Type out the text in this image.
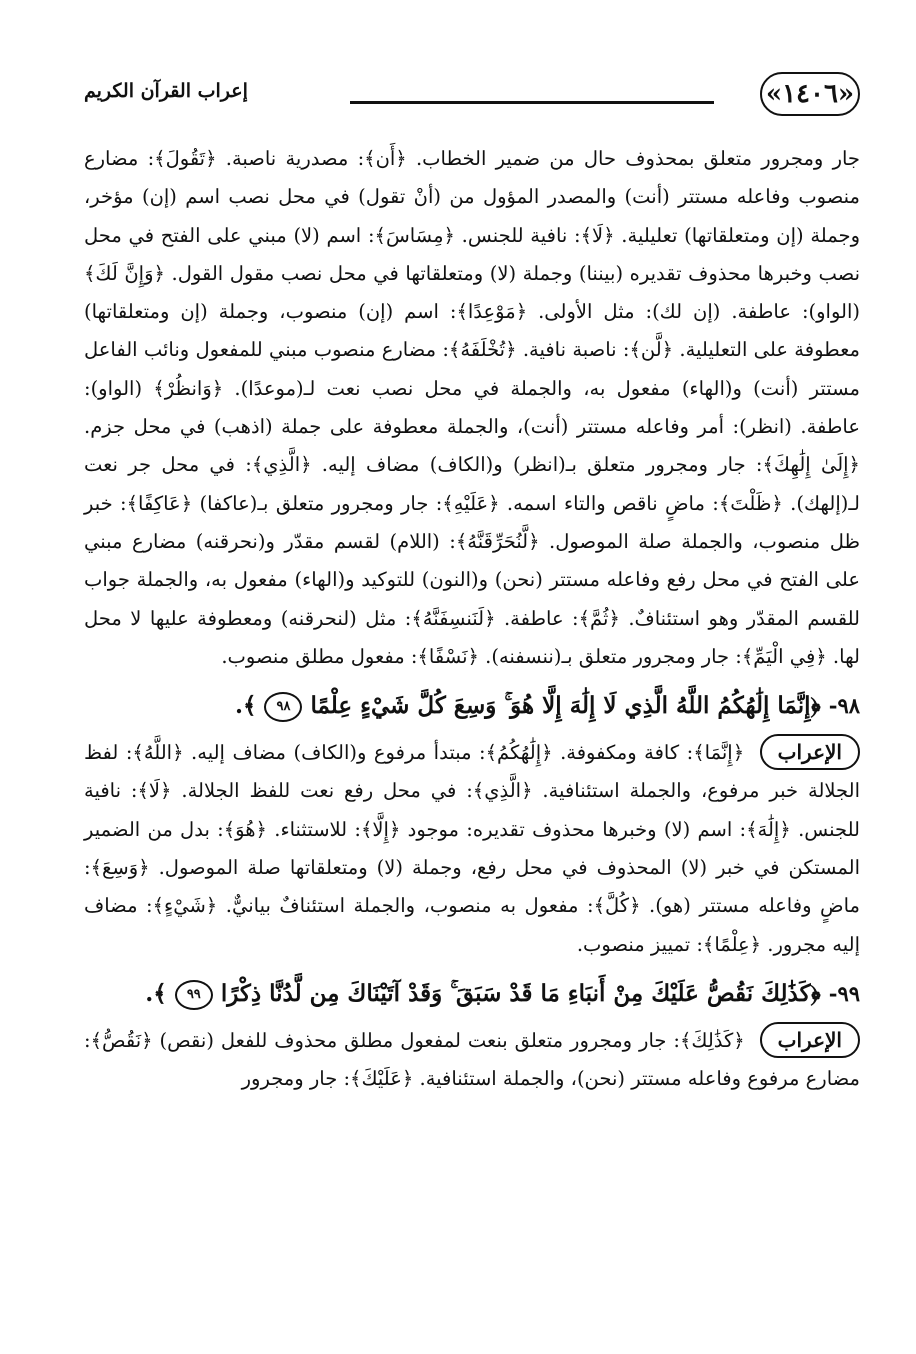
«١٤٠٦»
إعراب القرآن الكريم

جار ومجرور متعلق بمحذوف حال من ضمير الخطاب. ﴿أَن﴾: مصدرية ناصبة. ﴿تَقُولَ﴾: مضارع منصوب وفاعله مستتر (أنت) والمصدر المؤول من (أنْ تقول) في محل نصب اسم (إن) مؤخر، وجملة (إن ومتعلقاتها) تعليلية. ﴿لَا﴾: نافية للجنس. ﴿مِسَاسَ﴾: اسم (لا) مبني على الفتح في محل نصب وخبرها محذوف تقديره (بيننا) وجملة (لا) ومتعلقاتها في محل نصب مقول القول. ﴿وَإِنَّ لَكَ﴾ (الواو): عاطفة. (إن لك): مثل الأولى. ﴿مَوْعِدًا﴾: اسم (إن) منصوب، وجملة (إن ومتعلقاتها) معطوفة على التعليلية. ﴿لَّن﴾: ناصبة نافية. ﴿تُخْلَفَهُ﴾: مضارع منصوب مبني للمفعول ونائب الفاعل مستتر (أنت) و(الهاء) مفعول به، والجملة في محل نصب نعت لـ(موعدًا). ﴿وَانظُرْ﴾ (الواو): عاطفة. (انظر): أمر وفاعله مستتر (أنت)، والجملة معطوفة على جملة (اذهب) في محل جزم. ﴿إِلَىٰ إِلَٰهِكَ﴾: جار ومجرور متعلق بـ(انظر) و(الكاف) مضاف إليه. ﴿الَّذِي﴾: في محل جر نعت لـ(إلهك). ﴿ظَلْتَ﴾: ماضٍ ناقص والتاء اسمه. ﴿عَلَيْهِ﴾: جار ومجرور متعلق بـ(عاكفا) ﴿عَاكِفًا﴾: خبر ظل منصوب، والجملة صلة الموصول. ﴿لَّنُحَرِّقَنَّهُ﴾: (اللام) لقسم مقدّر و(نحرقنه) مضارع مبني على الفتح في محل رفع وفاعله مستتر (نحن) و(النون) للتوكيد و(الهاء) مفعول به، والجملة جواب للقسم المقدّر وهو استئنافٌ. ﴿ثُمَّ﴾: عاطفة. ﴿لَنَنسِفَنَّهُ﴾: مثل (لنحرقنه) ومعطوفة عليها لا محل لها. ﴿فِي الْيَمِّ﴾: جار ومجرور متعلق بـ(ننسفنه). ﴿نَسْفًا﴾: مفعول مطلق منصوب.

٩٨- ﴿إِنَّمَا إِلَٰهُكُمُ اللَّهُ الَّذِي لَا إِلَٰهَ إِلَّا هُوَ ۚ وَسِعَ كُلَّ شَيْءٍ عِلْمًا ٩٨ ﴾.

الإعراب ﴿إِنَّمَا﴾: كافة ومكفوفة. ﴿إِلَٰهُكُمُ﴾: مبتدأ مرفوع و(الكاف) مضاف إليه. ﴿اللَّهُ﴾: لفظ الجلالة خبر مرفوع، والجملة استئنافية. ﴿الَّذِي﴾: في محل رفع نعت للفظ الجلالة. ﴿لَا﴾: نافية للجنس. ﴿إِلَٰهَ﴾: اسم (لا) وخبرها محذوف تقديره: موجود ﴿إِلَّا﴾: للاستثناء. ﴿هُوَ﴾: بدل من الضمير المستكن في خبر (لا) المحذوف في محل رفع، وجملة (لا) ومتعلقاتها صلة الموصول. ﴿وَسِعَ﴾: ماضٍ وفاعله مستتر (هو). ﴿كُلَّ﴾: مفعول به منصوب، والجملة استئنافٌ بيانيٌّ. ﴿شَيْءٍ﴾: مضاف إليه مجرور. ﴿عِلْمًا﴾: تمييز منصوب.

٩٩- ﴿كَذَٰلِكَ نَقُصُّ عَلَيْكَ مِنْ أَنبَاءِ مَا قَدْ سَبَقَ ۚ وَقَدْ آتَيْنَاكَ مِن لَّدُنَّا ذِكْرًا ٩٩ ﴾.

الإعراب ﴿كَذَٰلِكَ﴾: جار ومجرور متعلق بنعت لمفعول مطلق محذوف للفعل (نقص) ﴿نَقُصُّ﴾: مضارع مرفوع وفاعله مستتر (نحن)، والجملة استئنافية. ﴿عَلَيْكَ﴾: جار ومجرور
